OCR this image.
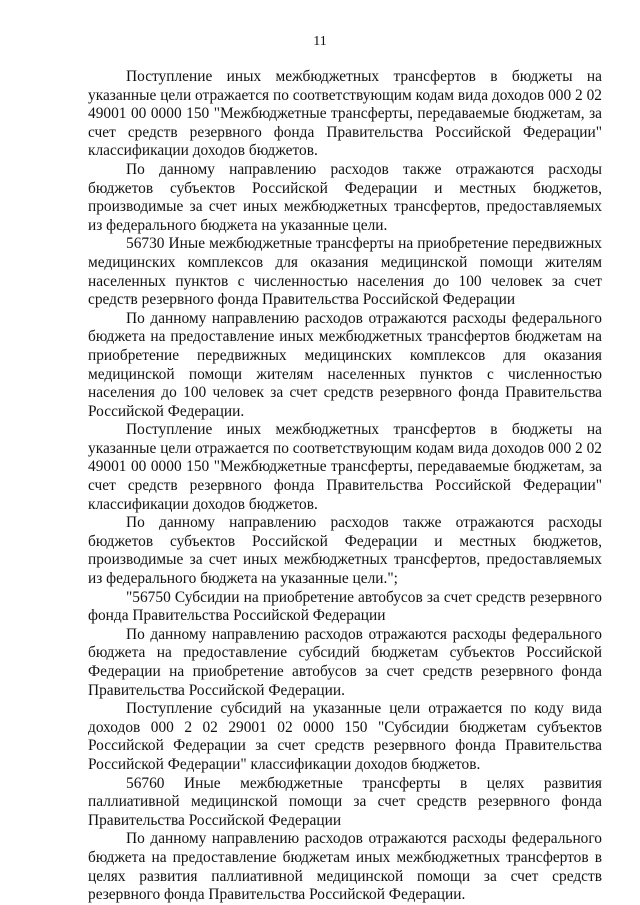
11

Поступление иных межбюджетных трансфертов в бюджеты на указанные цели отражается по соответствующим кодам вида доходов 000 2 02 49001 00 0000 150 "Межбюджетные трансферты, передаваемые бюджетам, за счет средств резервного фонда Правительства Российской Федерации" классификации доходов бюджетов.

По данному направлению расходов также отражаются расходы бюджетов субъектов Российской Федерации и местных бюджетов, производимые за счет иных межбюджетных трансфертов, предоставляемых из федерального бюджета на указанные цели.

56730 Иные межбюджетные трансферты на приобретение передвижных медицинских комплексов для оказания медицинской помощи жителям населенных пунктов с численностью населения до 100 человек за счет средств резервного фонда Правительства Российской Федерации

По данному направлению расходов отражаются расходы федерального бюджета на предоставление иных межбюджетных трансфертов бюджетам на приобретение передвижных медицинских комплексов для оказания медицинской помощи жителям населенных пунктов с численностью населения до 100 человек за счет средств резервного фонда Правительства Российской Федерации.

Поступление иных межбюджетных трансфертов в бюджеты на указанные цели отражается по соответствующим кодам вида доходов 000 2 02 49001 00 0000 150 "Межбюджетные трансферты, передаваемые бюджетам, за счет средств резервного фонда Правительства Российской Федерации" классификации доходов бюджетов.

По данному направлению расходов также отражаются расходы бюджетов субъектов Российской Федерации и местных бюджетов, производимые за счет иных межбюджетных трансфертов, предоставляемых из федерального бюджета на указанные цели.";

"56750 Субсидии на приобретение автобусов за счет средств резервного фонда Правительства Российской Федерации

По данному направлению расходов отражаются расходы федерального бюджета на предоставление субсидий бюджетам субъектов Российской Федерации на приобретение автобусов за счет средств резервного фонда Правительства Российской Федерации.

Поступление субсидий на указанные цели отражается по коду вида доходов 000 2 02 29001 02 0000 150 "Субсидии бюджетам субъектов Российской Федерации за счет средств резервного фонда Правительства Российской Федерации" классификации доходов бюджетов.

56760 Иные межбюджетные трансферты в целях развития паллиативной медицинской помощи за счет средств резервного фонда Правительства Российской Федерации

По данному направлению расходов отражаются расходы федерального бюджета на предоставление бюджетам иных межбюджетных трансфертов в целях развития паллиативной медицинской помощи за счет средств резервного фонда Правительства Российской Федерации.
